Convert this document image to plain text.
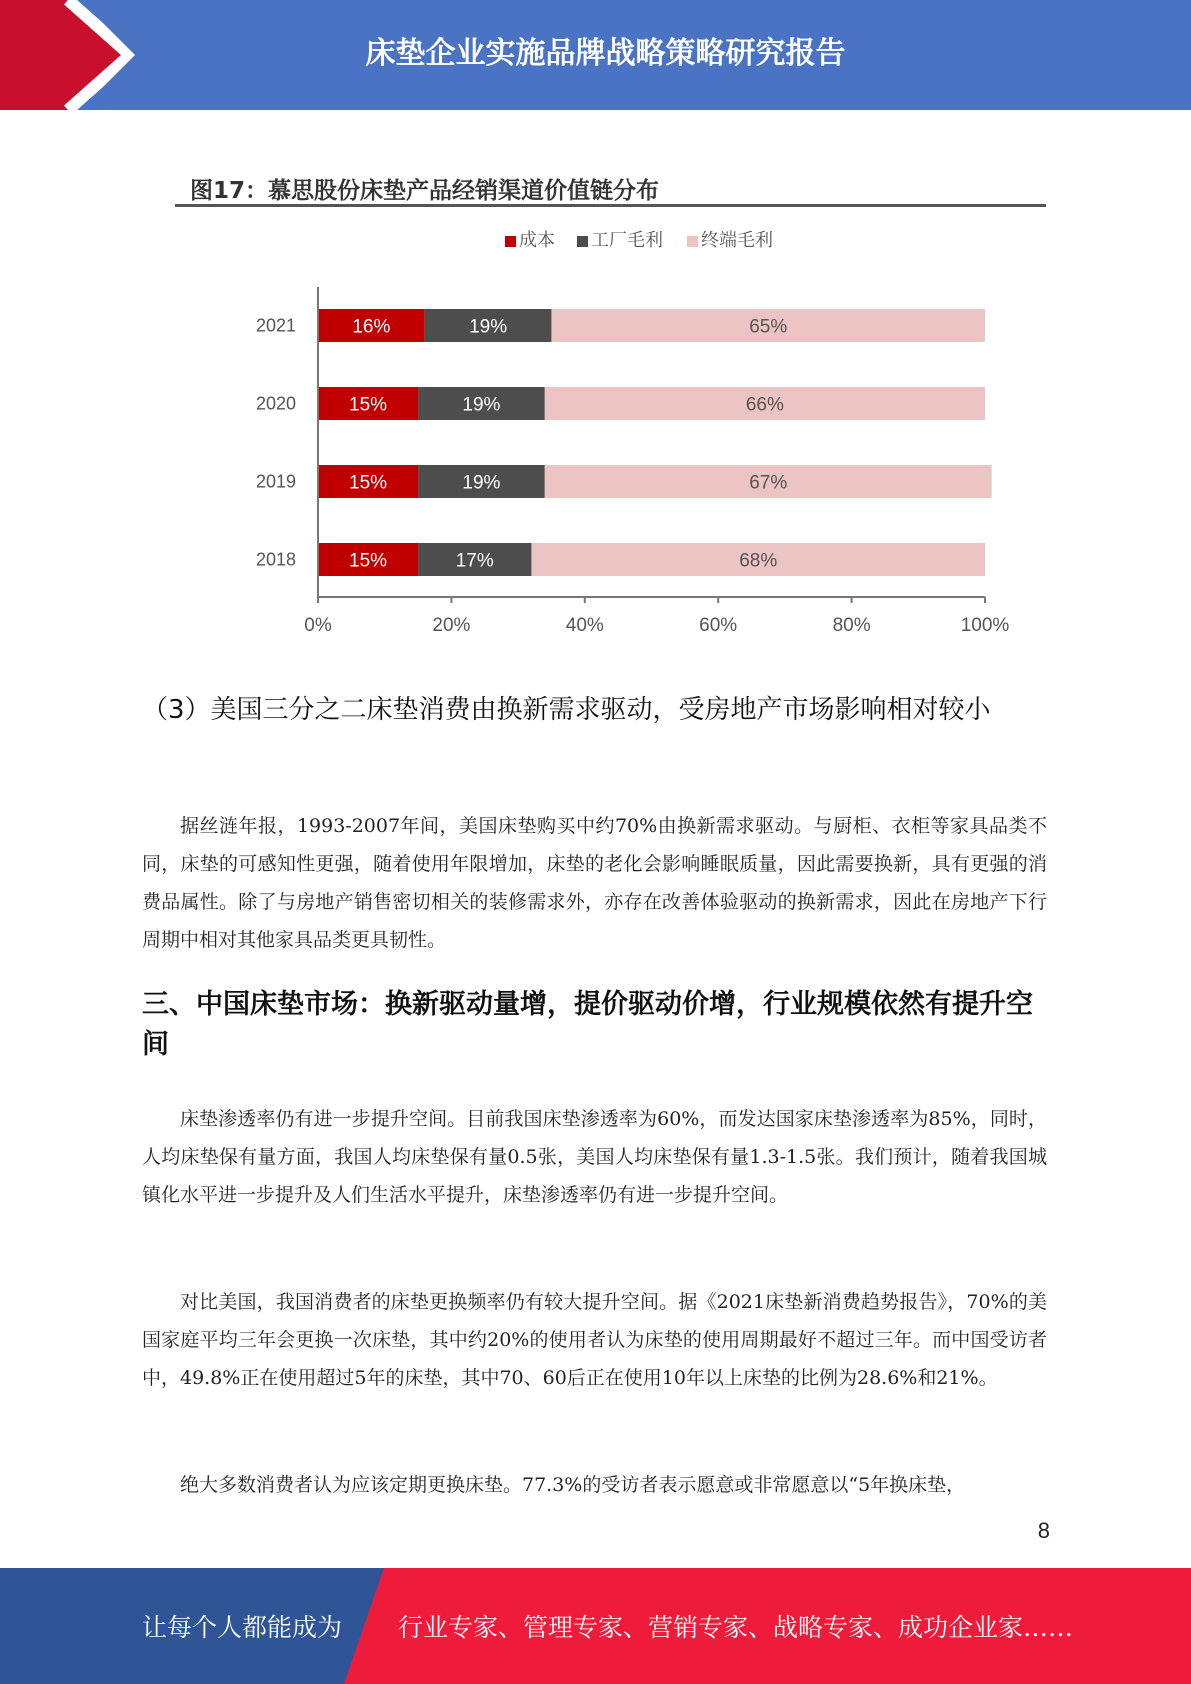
床垫企业实施品牌战略策略研究报告
图17：慕思股份床垫产品经销渠道价值链分布
成本 工厂毛利 终端毛利
2021	16%	19%	65%
2020	15%	19%	66%
2019	15%	19%	67%
2018	15%	17%	68%
0%	20%	40%	60%	80%	100%
（3）美国三分之二床垫消费由换新需求驱动，受房地产市场影响相对较小
据丝涟年报，1993-2007年间，美国床垫购买中约70%由换新需求驱动。与厨柜、衣柜等家具品类不同，床垫的可感知性更强，随着使用年限增加，床垫的老化会影响睡眠质量，因此需要换新，具有更强的消费品属性。除了与房地产销售密切相关的装修需求外，亦存在改善体验驱动的换新需求，因此在房地产下行周期中相对其他家具品类更具韧性。
三、中国床垫市场：换新驱动量增，提价驱动价增，行业规模依然有提升空间
床垫渗透率仍有进一步提升空间。目前我国床垫渗透率为60%，而发达国家床垫渗透率为85%，同时，人均床垫保有量方面，我国人均床垫保有量0.5张，美国人均床垫保有量1.3-1.5张。我们预计，随着我国城镇化水平进一步提升及人们生活水平提升，床垫渗透率仍有进一步提升空间。
对比美国，我国消费者的床垫更换频率仍有较大提升空间。据《2021床垫新消费趋势报告》，70%的美国家庭平均三年会更换一次床垫，其中约20%的使用者认为床垫的使用周期最好不超过三年。而中国受访者中，49.8%正在使用超过5年的床垫，其中70、60后正在使用10年以上床垫的比例为28.6%和21%。
绝大多数消费者认为应该定期更换床垫。77.3%的受访者表示愿意或非常愿意以“5年换床垫，
8
让每个人都能成为 行业专家、管理专家、营销专家、战略专家、成功企业家……
